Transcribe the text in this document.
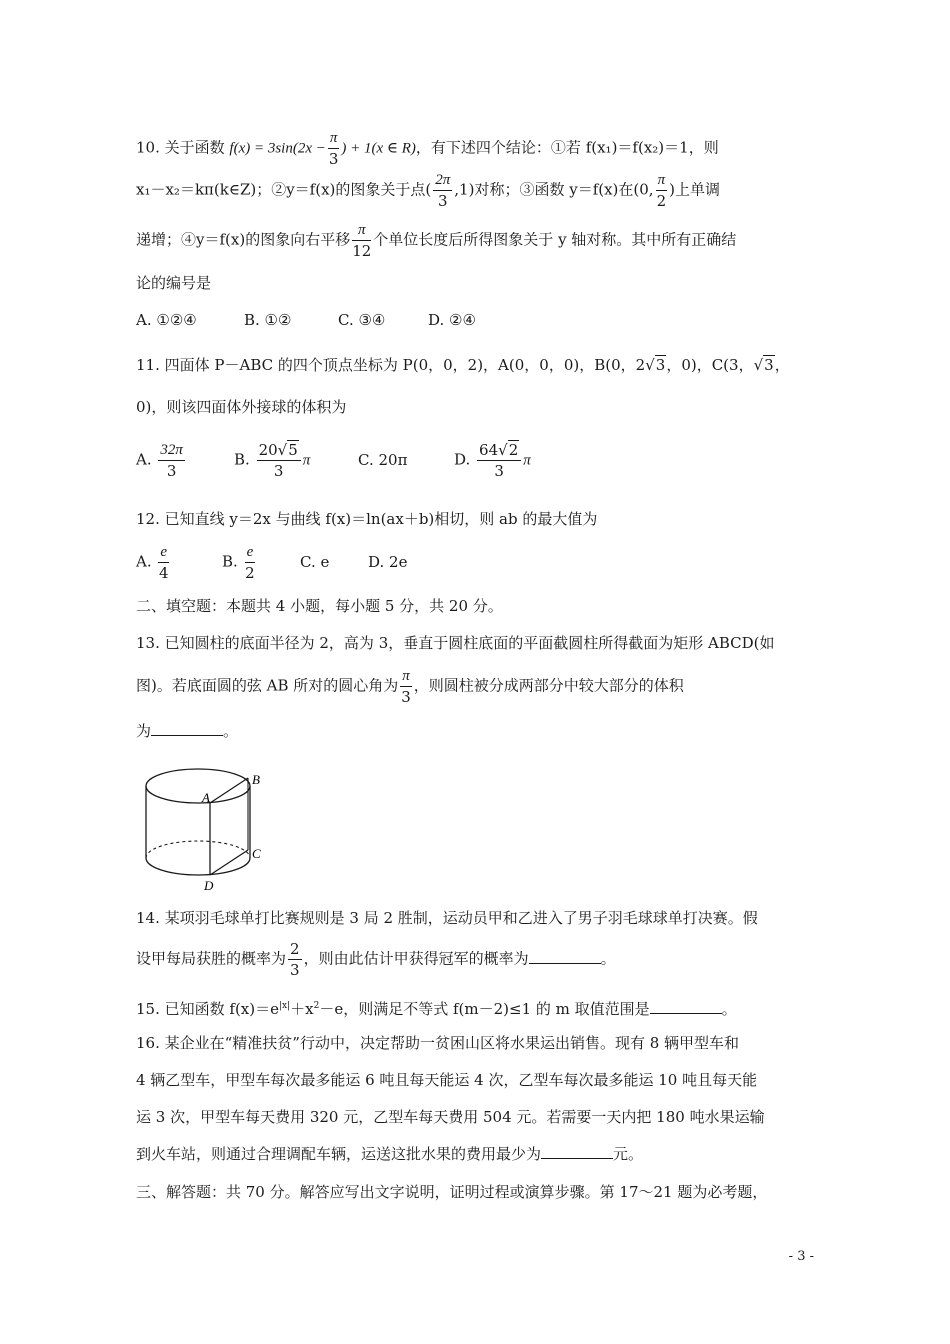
10. 关于函数 $f(x) = 3\sin(2x - \frac{\pi}{3}$ ) + 1(x ∈ R)，有下述四个结论：①若 f(x₁)＝f(x₂)＝1，则
x₁－x₂＝kπ(k∈Z)；②y＝f(x)的图象关于点( $\frac{2\pi}{3} ,1$)对称；③函数 y＝f(x)在(0, $\frac{\pi}{2}$ )上单调
递增；④y＝f(x)的图象向右平移 $\frac{\pi}{12}$ 个单位长度后所得图象关于 y 轴对称。其中所有正确结
论的编号是
A. ①②④	B. ①②	C. ③④	D. ②④
11. 四面体 P－ABC 的四个顶点坐标为 P(0，0，2)，A(0，0，0)，B(0，2√3，0)，C(3，√3，
0)，则该四面体外接球的体积为
A. $\frac{32\pi}{3}$	B. $\frac{20√5}{3}$ π	C. 20π	D. $\frac{64√2}{3}$ π
12. 已知直线 y＝2x 与曲线 f(x)＝ln(ax＋b)相切，则 ab 的最大值为
A. $\frac{e}{4}$	B. $\frac{e}{2}$	C. e	D. 2e
二、填空题：本题共 4 小题，每小题 5 分，共 20 分。
13. 已知圆柱的底面半径为 2，高为 3，垂直于圆柱底面的平面截圆柱所得截面为矩形 ABCD(如
图)。若底面圆的弦 AB 所对的圆心角为 $\frac{\pi}{3}$ ，则圆柱被分成两部分中较大部分的体积
为	。
A
B
C
D
14. 某项羽毛球单打比赛规则是 3 局 2 胜制，运动员甲和乙进入了男子羽毛球球单打决赛。假
设甲每局获胜的概率为 $\frac{2}{3}$ ，则由此估计甲获得冠军的概率为	。
15. 已知函数 $f(x)=e^{|x|}+x^2-e$，则满足不等式 f(m－2)≤1 的 m 取值范围是	。
16. 某企业在“精准扶贫”行动中，决定帮助一贫困山区将水果运出销售。现有 8 辆甲型车和
4 辆乙型车，甲型车每次最多能运 6 吨且每天能运 4 次，乙型车每次最多能运 10 吨且每天能
运 3 次，甲型车每天费用 320 元，乙型车每天费用 504 元。若需要一天内把 180 吨水果运输
到火车站，则通过合理调配车辆，运送这批水果的费用最少为	元。
三、解答题：共 70 分。解答应写出文字说明，证明过程或演算步骤。第 17～21 题为必考题，
- 3 -
